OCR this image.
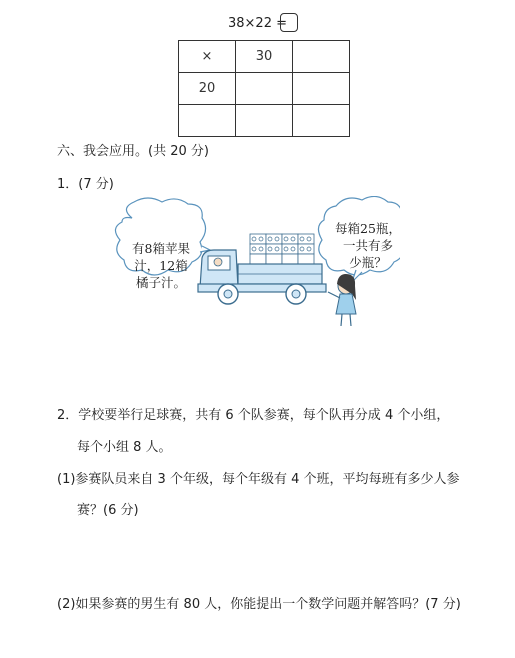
38×22 =
×	30	
20		

六、我会应用。(共 20 分)
1．(7 分)
有8箱苹果
汁，12箱
橘子汁。
每箱25瓶，
一共有多
少瓶？
2．学校要举行足球赛，共有 6 个队参赛，每个队再分成 4 个小组，
每个小组 8 人。
(1)参赛队员来自 3 个年级，每个年级有 4 个班，平均每班有多少人参
赛？(6 分)
(2)如果参赛的男生有 80 人，你能提出一个数学问题并解答吗？(7 分)
